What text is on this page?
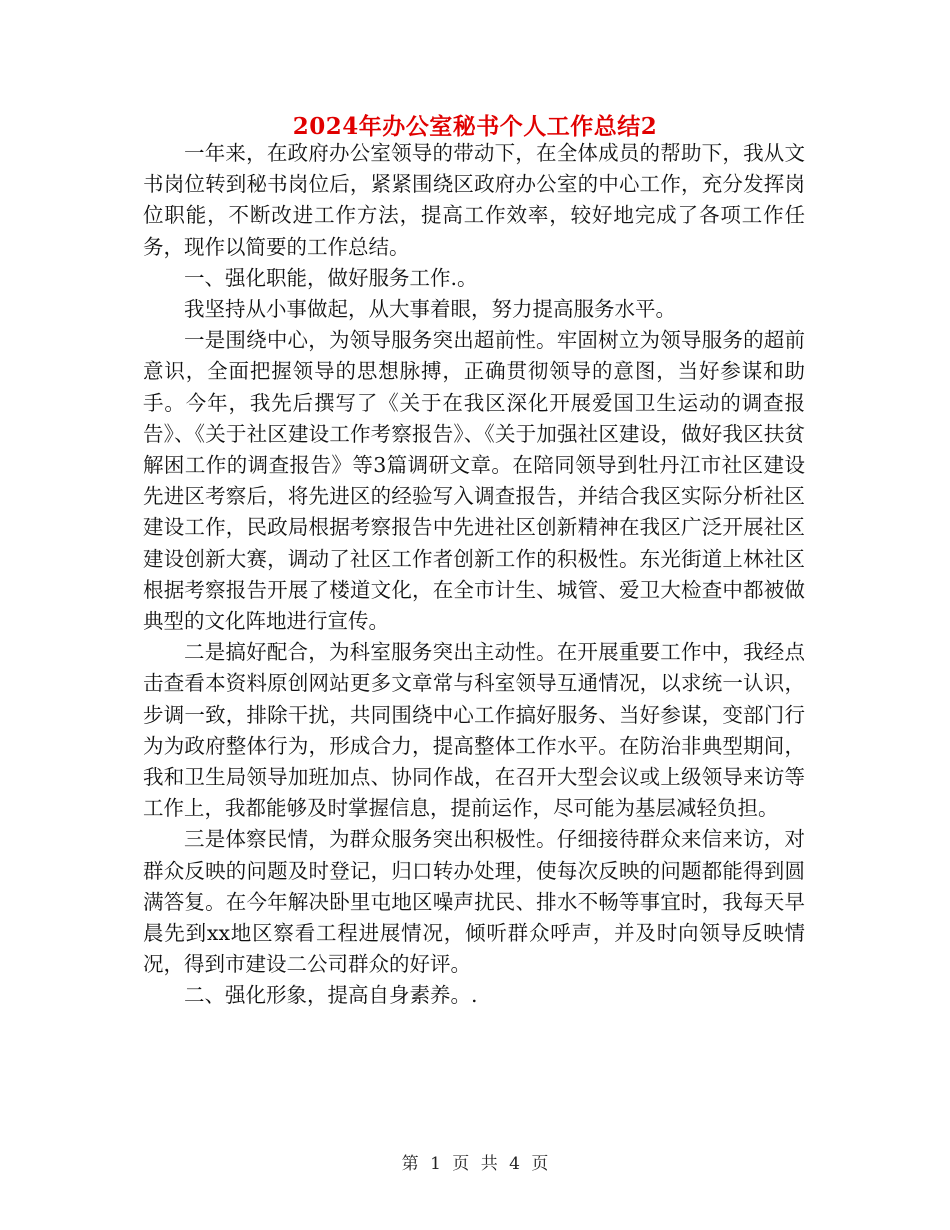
2024年办公室秘书个人工作总结2

一年来，在政府办公室领导的带动下，在全体成员的帮助下，我从文书岗位转到秘书岗位后，紧紧围绕区政府办公室的中心工作，充分发挥岗位职能，不断改进工作方法，提高工作效率，较好地完成了各项工作任务，现作以简要的工作总结。

一、强化职能，做好服务工作.。

我坚持从小事做起，从大事着眼，努力提高服务水平。

一是围绕中心，为领导服务突出超前性。牢固树立为领导服务的超前意识，全面把握领导的思想脉搏，正确贯彻领导的意图，当好参谋和助手。今年，我先后撰写了《关于在我区深化开展爱国卫生运动的调查报告》、《关于社区建设工作考察报告》、《关于加强社区建设，做好我区扶贫解困工作的调查报告》等3篇调研文章。在陪同领导到牡丹江市社区建设先进区考察后，将先进区的经验写入调查报告，并结合我区实际分析社区建设工作，民政局根据考察报告中先进社区创新精神在我区广泛开展社区建设创新大赛，调动了社区工作者创新工作的积极性。东光街道上林社区根据考察报告开展了楼道文化，在全市计生、城管、爱卫大检查中都被做典型的文化阵地进行宣传。

二是搞好配合，为科室服务突出主动性。在开展重要工作中，我经点击查看本资料原创网站更多文章常与科室领导互通情况，以求统一认识，步调一致，排除干扰，共同围绕中心工作搞好服务、当好参谋，变部门行为为政府整体行为，形成合力，提高整体工作水平。在防治非典型期间，我和卫生局领导加班加点、协同作战，在召开大型会议或上级领导来访等工作上，我都能够及时掌握信息，提前运作，尽可能为基层减轻负担。

三是体察民情，为群众服务突出积极性。仔细接待群众来信来访，对群众反映的问题及时登记，归口转办处理，使每次反映的问题都能得到圆满答复。在今年解决卧里屯地区噪声扰民、排水不畅等事宜时，我每天早晨先到xx地区察看工程进展情况，倾听群众呼声，并及时向领导反映情况，得到市建设二公司群众的好评。

二、强化形象，提高自身素养。.

第 1 页 共 4 页
